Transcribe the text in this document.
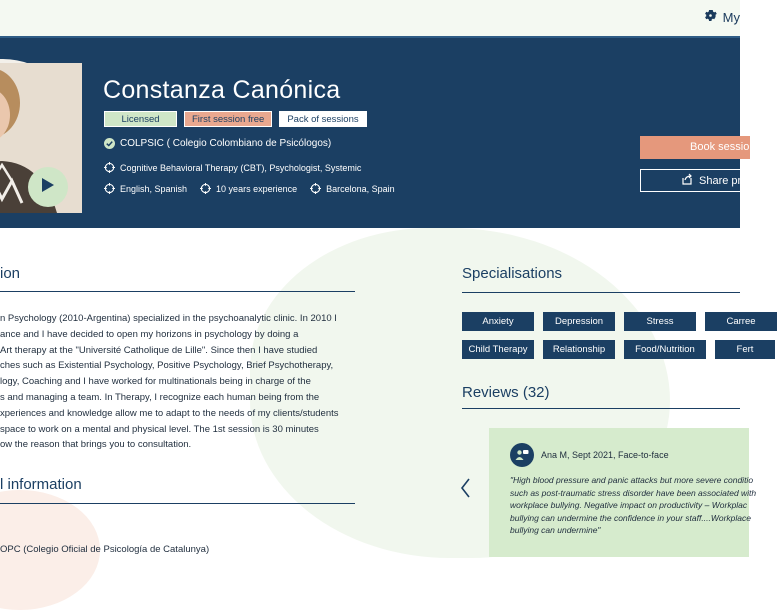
My
Constanza Canónica
Licensed	First session free	Pack of sessions
COLPSIC ( Colegio Colombiano de Psicólogos)
Cognitive Behavioral Therapy (CBT), Psychologist, Systemic
English, Spanish	10 years experience	Barcelona, Spain
Book sessio
Share pro
ion
n Psychology (2010-Argentina) specialized in the psychoanalytic clinic. In 2010 I
ance and I have decided to open my horizons in psychology by doing a
Art therapy at the "Université Catholique de Lille". Since then I have studied
ches such as Existential Psychology, Positive Psychology, Brief Psychotherapy,
logy, Coaching and I have worked for multinationals being in charge of the
s and managing a team. In Therapy, I recognize each human being from the
xperiences and knowledge allow me to adapt to the needs of my clients/students
space to work on a mental and physical level. The 1st session is 30 minutes
ow the reason that brings you to consultation.
l information
OPC (Colegio Oficial de Psicología de Catalunya)
Specialisations
Anxiety	Depression	Stress	Carree
Child Therapy	Relationship	Food/Nutrition	Fert
Reviews (32)
Ana M, Sept 2021, Face-to-face
"High blood pressure and panic attacks but more severe conditio
such as post-traumatic stress disorder have been associated with
workplace bullying. Negative impact on productivity – Workplac
bullying can undermine the confidence in your staff....Workplace
bullying can undermine"
